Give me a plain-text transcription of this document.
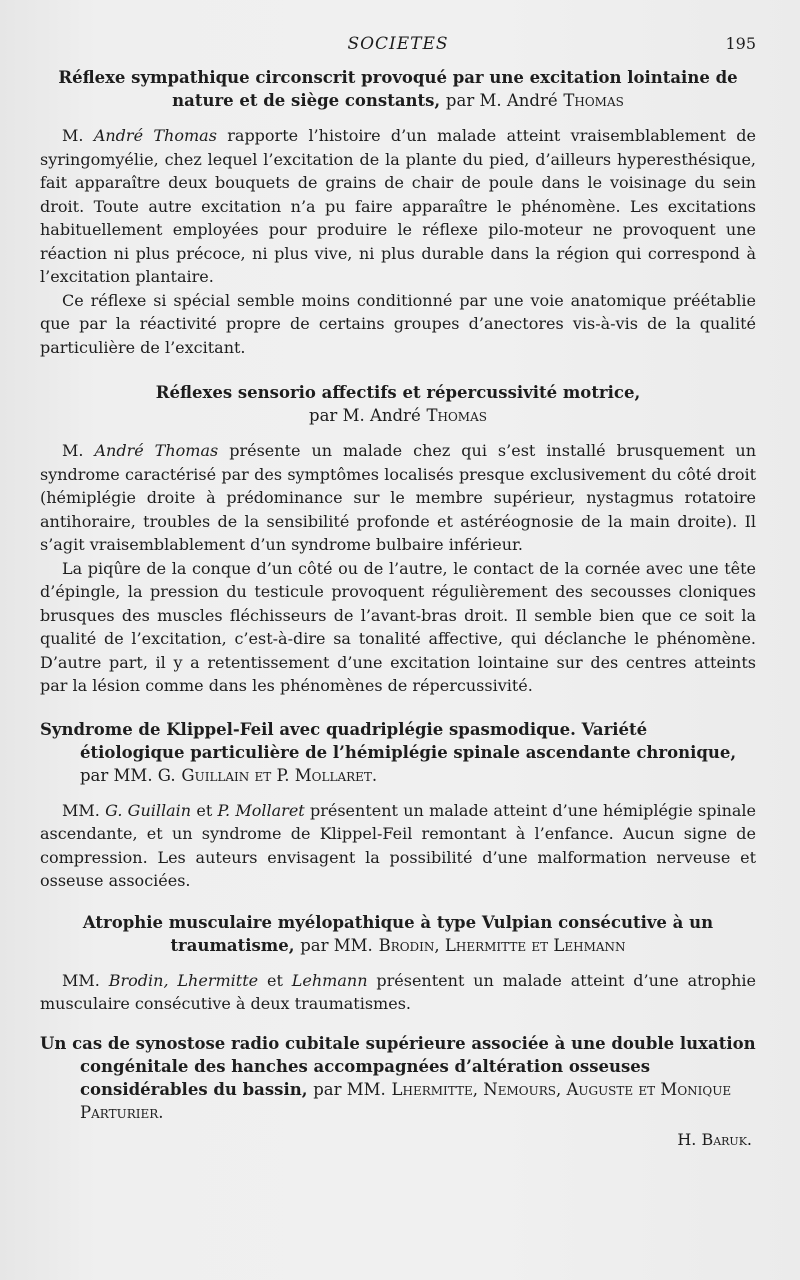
SOCIETES	195

Réflexe sympathique circonscrit provoqué par une excitation lointaine de nature et de siège constants, par M. André Thomas

M. André Thomas rapporte l’histoire d’un malade atteint vraisemblablement de syringomyélie, chez lequel l’excitation de la plante du pied, d’ailleurs hyperesthésique, fait apparaître deux bouquets de grains de chair de poule dans le voisinage du sein droit. Toute autre excitation n’a pu faire apparaître le phénomène. Les excitations habituellement employées pour produire le réflexe pilo-moteur ne provoquent une réaction ni plus précoce, ni plus vive, ni plus durable dans la région qui correspond à l’excitation plantaire.

Ce réflexe si spécial semble moins conditionné par une voie anatomique préétablie que par la réactivité propre de certains groupes d’anectores vis-à-vis de la qualité particulière de l’excitant.

Réflexes sensorio affectifs et répercussivité motrice,
par M. André Thomas

M. André Thomas présente un malade chez qui s’est installé brusquement un syndrome caractérisé par des symptômes localisés presque exclusivement du côté droit (hémiplégie droite à prédominance sur le membre supérieur, nystagmus rotatoire antihoraire, troubles de la sensibilité profonde et astéréognosie de la main droite). Il s’agit vraisemblablement d’un syndrome bulbaire inférieur.

La piqûre de la conque d’un côté ou de l’autre, le contact de la cornée avec une tête d’épingle, la pression du testicule provoquent régulièrement des secousses cloniques brusques des muscles fléchisseurs de l’avant-bras droit. Il semble bien que ce soit la qualité de l’excitation, c’est-à-dire sa tonalité affective, qui déclanche le phénomène. D’autre part, il y a retentissement d’une excitation lointaine sur des centres atteints par la lésion comme dans les phénomènes de répercussivité.

Syndrome de Klippel-Feil avec quadriplégie spasmodique. Variété étiologique particulière de l’hémiplégie spinale ascendante chronique, par MM. G. Guillain et P. Mollaret.

MM. G. Guillain et P. Mollaret présentent un malade atteint d’une hémiplégie spinale ascendante, et un syndrome de Klippel-Feil remontant à l’enfance. Aucun signe de compression. Les auteurs envisagent la possibilité d’une malformation nerveuse et osseuse associées.

Atrophie musculaire myélopathique à type Vulpian consécutive à un traumatisme, par MM. Brodin, Lhermitte et Lehmann

MM. Brodin, Lhermitte et Lehmann présentent un malade atteint d’une atrophie musculaire consécutive à deux traumatismes.

Un cas de synostose radio cubitale supérieure associée à une double luxation congénitale des hanches accompagnées d’altération osseuses considérables du bassin, par MM. Lhermitte, Nemours, Auguste et Monique Parturier.

H. Baruk.
